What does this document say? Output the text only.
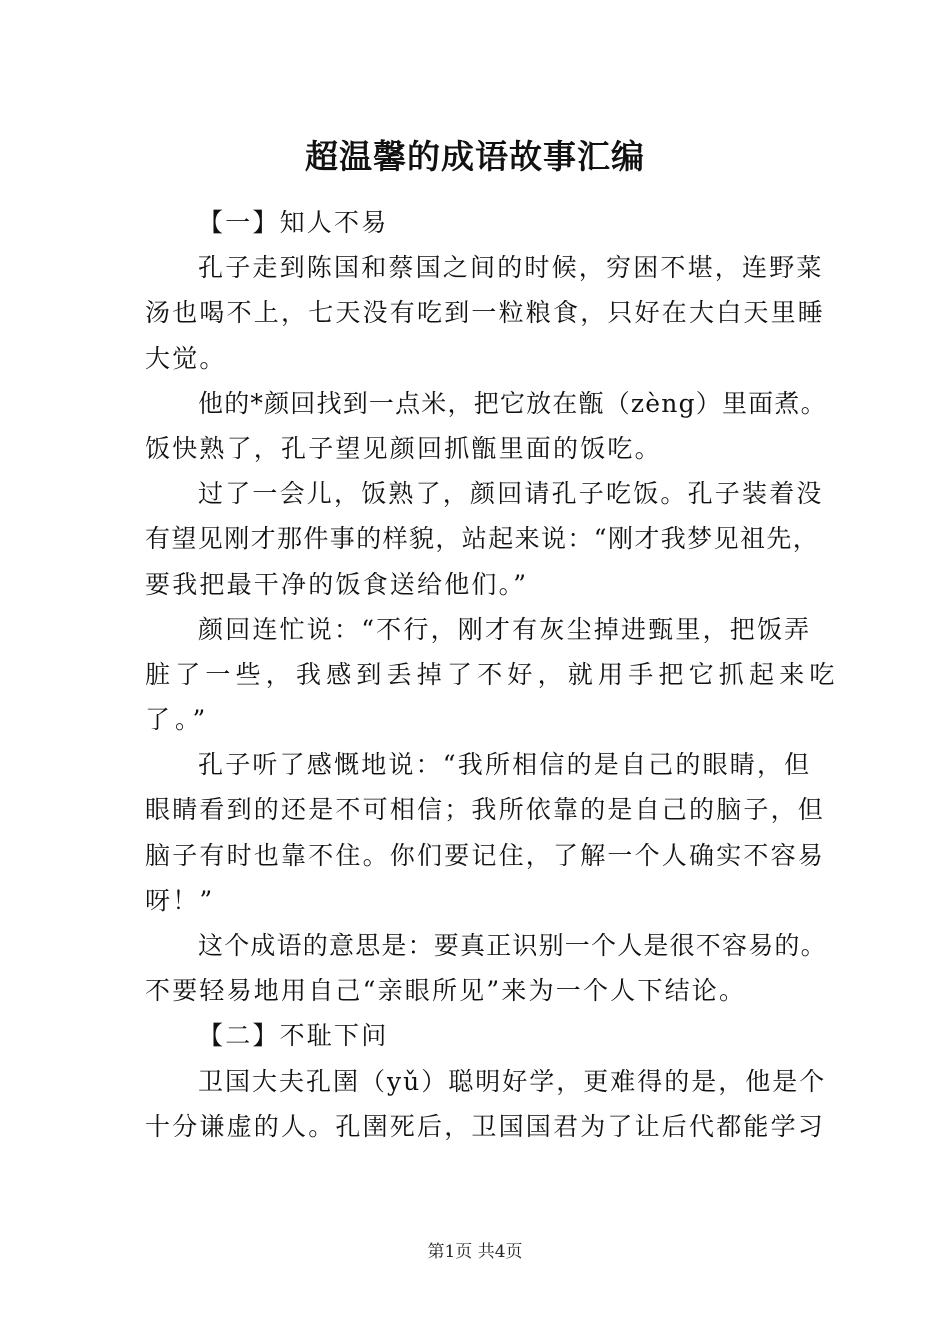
超温馨的成语故事汇编
【一】知人不易
孔子走到陈国和蔡国之间的时候，穷困不堪，连野菜
汤也喝不上，七天没有吃到一粒粮食，只好在大白天里睡
大觉。
他的*颜回找到一点米，把它放在甑（zèng）里面煮。
饭快熟了，孔子望见颜回抓甑里面的饭吃。
过了一会儿，饭熟了，颜回请孔子吃饭。孔子装着没
有望见刚才那件事的样貌，站起来说：“刚才我梦见祖先，
要我把最干净的饭食送给他们。”
颜回连忙说：“不行，刚才有灰尘掉进甄里，把饭弄
脏了一些，我感到丢掉了不好，就用手把它抓起来吃
了。”
孔子听了感慨地说：“我所相信的是自己的眼睛，但
眼睛看到的还是不可相信；我所依靠的是自己的脑子，但
脑子有时也靠不住。你们要记住，了解一个人确实不容易
呀！”
这个成语的意思是：要真正识别一个人是很不容易的。
不要轻易地用自己“亲眼所见”来为一个人下结论。
【二】不耻下问
卫国大夫孔圉（yǔ）聪明好学，更难得的是，他是个
十分谦虚的人。孔圉死后，卫国国君为了让后代都能学习
第1页 共4页
